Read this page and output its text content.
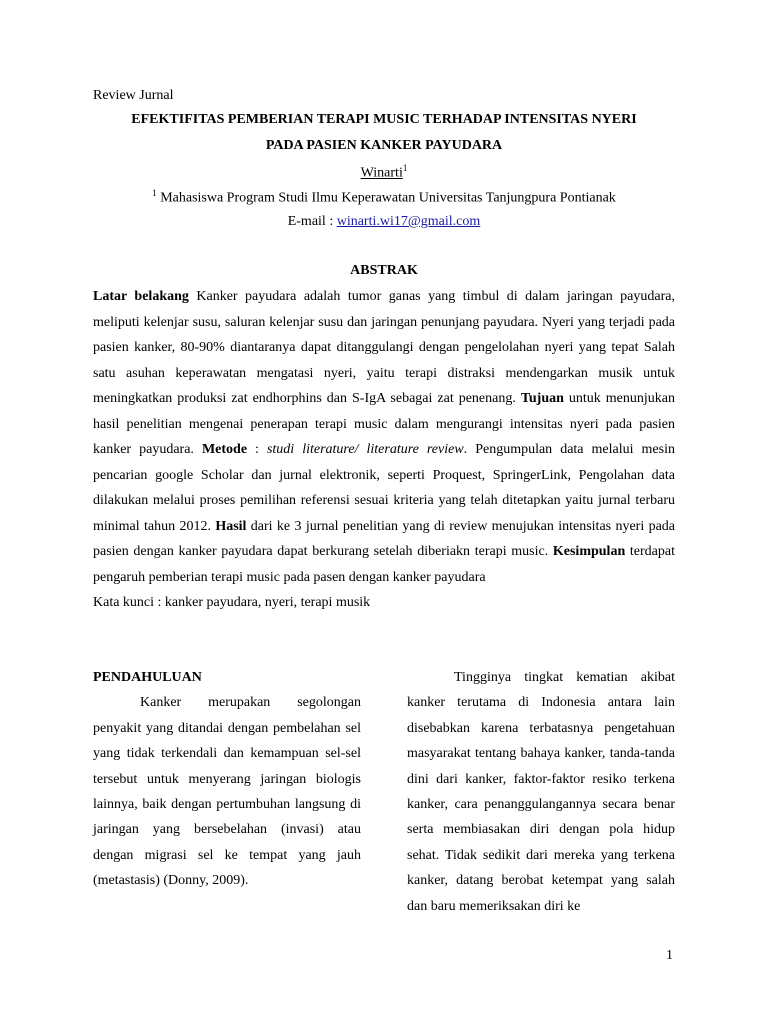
Review Jurnal
EFEKTIFITAS PEMBERIAN TERAPI MUSIC TERHADAP INTENSITAS NYERI
PADA PASIEN KANKER PAYUDARA
Winarti$^1$
$^1$ Mahasiswa Program Studi Ilmu Keperawatan Universitas Tanjungpura Pontianak
E-mail : winarti.wi17@gmail.com
ABSTRAK

Latar belakang Kanker payudara adalah tumor ganas yang timbul di dalam jaringan payudara, meliputi kelenjar susu, saluran kelenjar susu dan jaringan penunjang payudara. Nyeri yang terjadi pada pasien kanker, 80-90% diantaranya dapat ditanggulangi dengan pengelolahan nyeri yang tepat Salah satu asuhan keperawatan mengatasi nyeri, yaitu terapi distraksi mendengarkan musik untuk meningkatkan produksi zat endhorphins dan S-IgA sebagai zat penenang. Tujuan untuk menunjukan hasil penelitian mengenai penerapan terapi music dalam mengurangi intensitas nyeri pada pasien kanker payudara. Metode : studi literature/ literature review. Pengumpulan data melalui mesin pencarian google Scholar dan jurnal elektronik, seperti Proquest, SpringerLink, Pengolahan data dilakukan melalui proses pemilihan referensi sesuai kriteria yang telah ditetapkan yaitu jurnal terbaru minimal tahun 2012. Hasil dari ke 3 jurnal penelitian yang di review menujukan intensitas nyeri pada pasien dengan kanker payudara dapat berkurang setelah diberiakn terapi music. Kesimpulan terdapat pengaruh pemberian terapi music pada pasen dengan kanker payudara

Kata kunci : kanker payudara, nyeri, terapi musik

PENDAHULUAN

Kanker merupakan segolongan penyakit yang ditandai dengan pembelahan sel yang tidak terkendali dan kemampuan sel-sel tersebut untuk menyerang jaringan biologis lainnya, baik dengan pertumbuhan langsung di jaringan yang bersebelahan (invasi) atau dengan migrasi sel ke tempat yang jauh (metastasis) (Donny, 2009).

Tingginya tingkat kematian akibat kanker terutama di Indonesia antara lain disebabkan karena terbatasnya pengetahuan masyarakat tentang bahaya kanker, tanda-tanda dini dari kanker, faktor-faktor resiko terkena kanker, cara penanggulangannya secara benar serta membiasakan diri dengan pola hidup sehat. Tidak sedikit dari mereka yang terkena kanker, datang berobat ketempat yang salah dan baru memeriksakan diri ke

1
